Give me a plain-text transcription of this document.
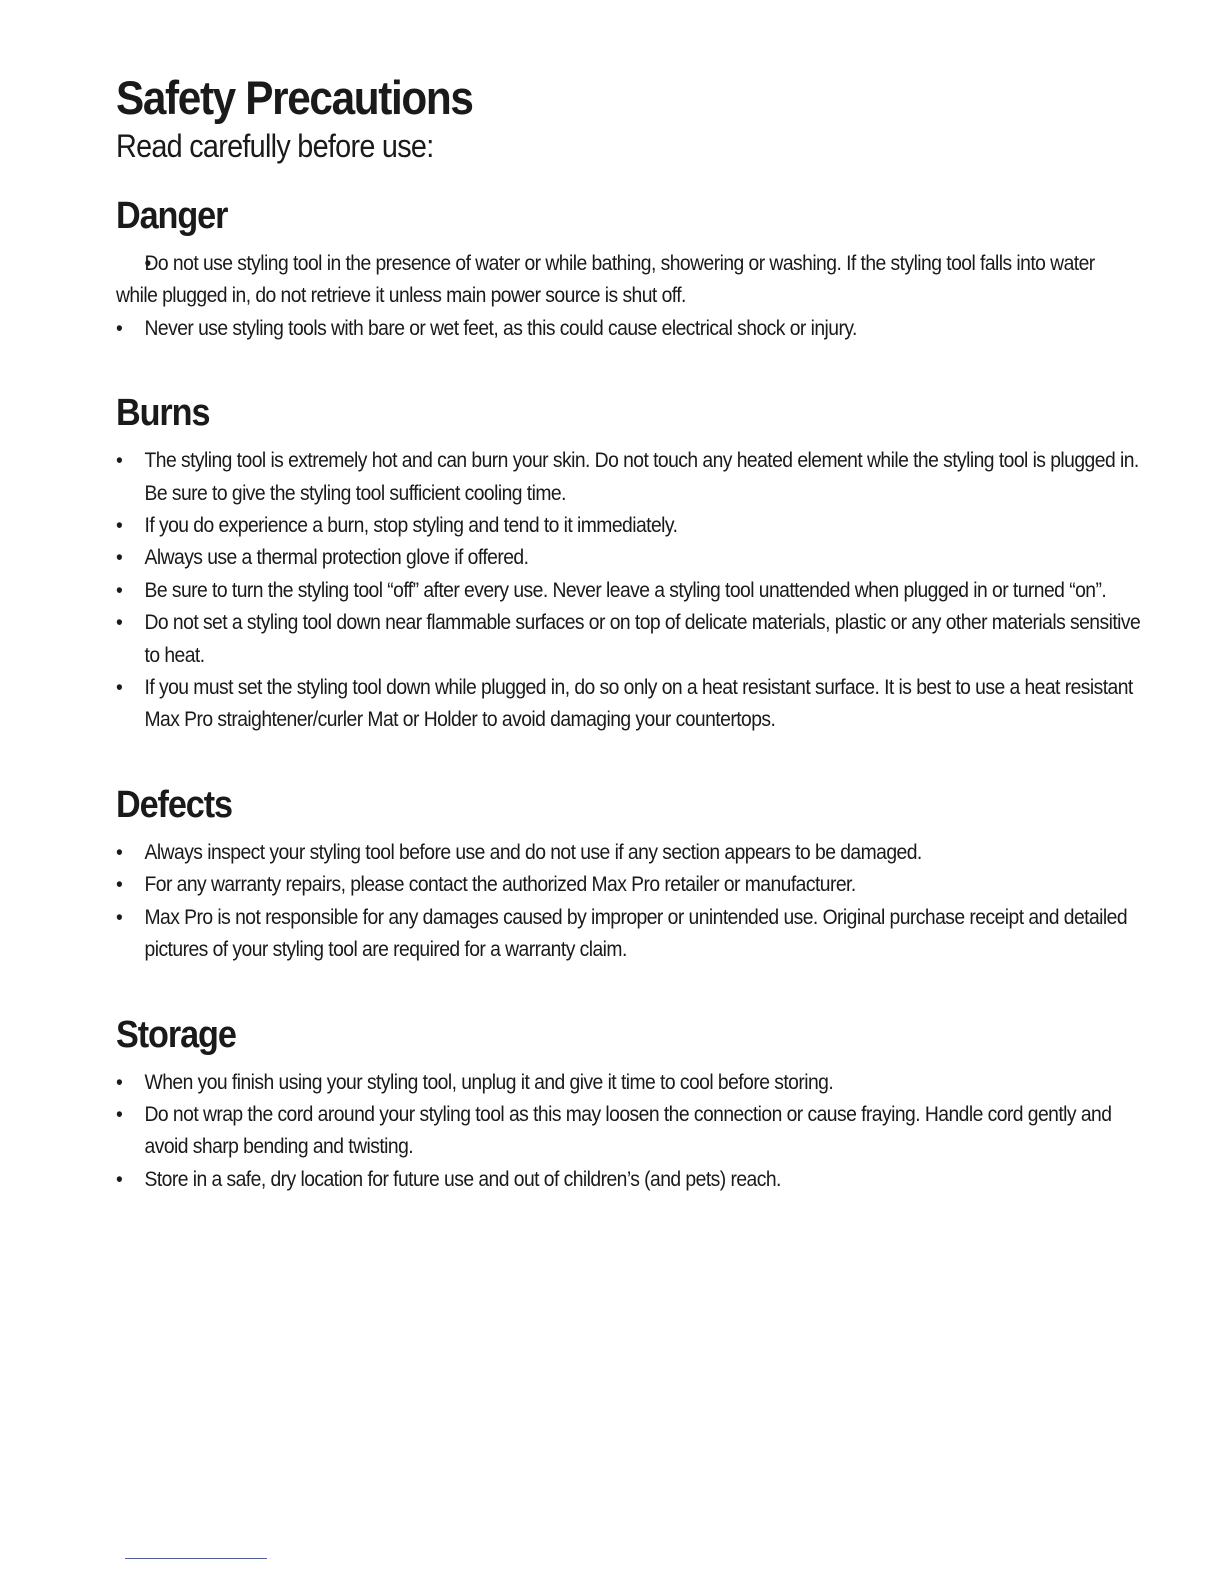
Safety Precautions

Read carefully before use:

Danger
• Do not use styling tool in the presence of water or while bathing, showering or washing. If the styling tool falls into water while plugged in, do not retrieve it unless main power source is shut off.
• Never use styling tools with bare or wet feet, as this could cause electrical shock or injury.
Burns
• The styling tool is extremely hot and can burn your skin. Do not touch any heated element while the styling tool is plugged in. Be sure to give the styling tool sufficient cooling time.
• If you do experience a burn, stop styling and tend to it immediately.
• Always use a thermal protection glove if offered.
• Be sure to turn the styling tool “off” after every use. Never leave a styling tool unattended when plugged in or turned “on”.
• Do not set a styling tool down near flammable surfaces or on top of delicate materials, plastic or any other materials sensitive to heat.
• If you must set the styling tool down while plugged in, do so only on a heat resistant surface. It is best to use a heat resistant Max Pro straightener/curler Mat or Holder to avoid damaging your countertops.
Defects
• Always inspect your styling tool before use and do not use if any section appears to be damaged.
• For any warranty repairs, please contact the authorized Max Pro retailer or manufacturer.
• Max Pro is not responsible for any damages caused by improper or unintended use. Original purchase receipt and detailed pictures of your styling tool are required for a warranty claim.
Storage
• When you finish using your styling tool, unplug it and give it time to cool before storing.
• Do not wrap the cord around your styling tool as this may loosen the connection or cause fraying. Handle cord gently and avoid sharp bending and twisting.
• Store in a safe, dry location for future use and out of children’s (and pets) reach.
